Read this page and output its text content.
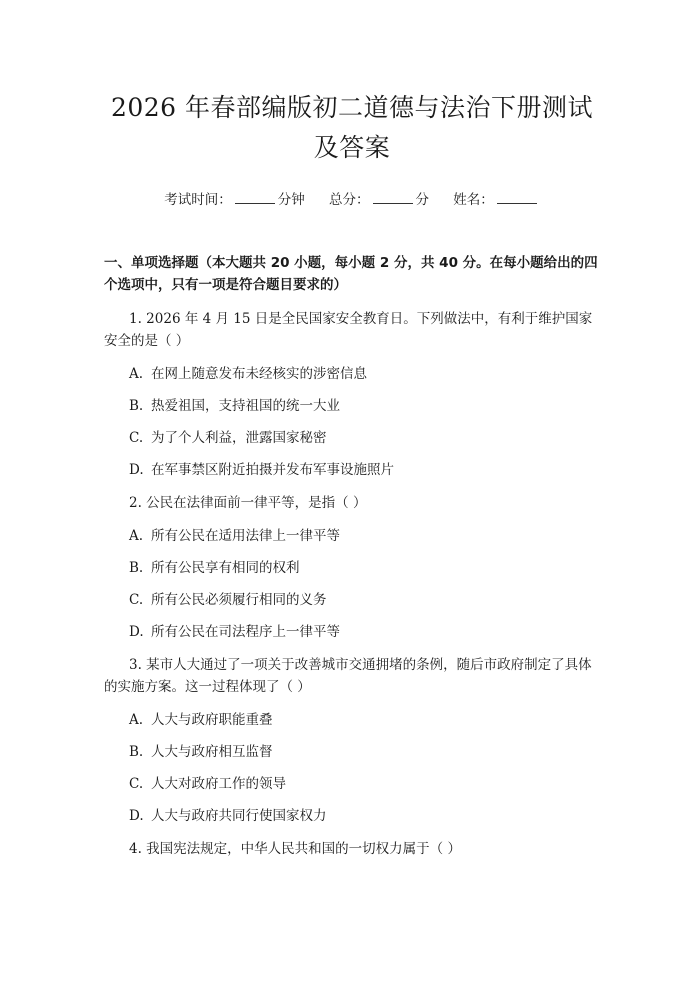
2026 年春部编版初二道德与法治下册测试及答案
考试时间：	分钟 总分：	分 姓名：
一、单项选择题（本大题共 20 小题，每小题 2 分，共 40 分。在每小题给出的四个选项中，只有一项是符合题目要求的）
1. 2026 年 4 月 15 日是全民国家安全教育日。下列做法中，有利于维护国家安全的是（ ）
A. 在网上随意发布未经核实的涉密信息
B. 热爱祖国，支持祖国的统一大业
C. 为了个人利益，泄露国家秘密
D. 在军事禁区附近拍摄并发布军事设施照片
2. 公民在法律面前一律平等，是指（ ）
A. 所有公民在适用法律上一律平等
B. 所有公民享有相同的权利
C. 所有公民必须履行相同的义务
D. 所有公民在司法程序上一律平等
3. 某市人大通过了一项关于改善城市交通拥堵的条例，随后市政府制定了具体的实施方案。这一过程体现了（ ）
A. 人大与政府职能重叠
B. 人大与政府相互监督
C. 人大对政府工作的领导
D. 人大与政府共同行使国家权力
4. 我国宪法规定，中华人民共和国的一切权力属于（ ）
